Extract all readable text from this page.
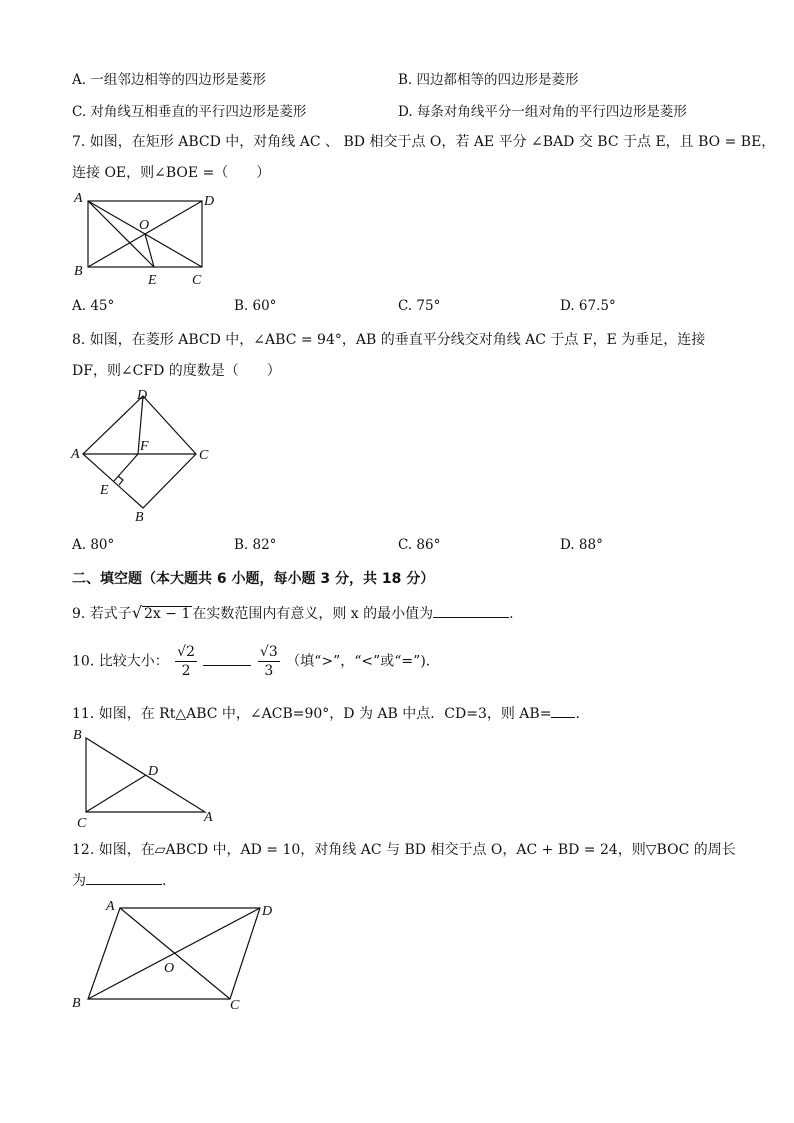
A. 一组邻边相等的四边形是菱形	B. 四边都相等的四边形是菱形
C. 对角线互相垂直的平行四边形是菱形	D. 每条对角线平分一组对角的平行四边形是菱形
7. 如图，在矩形 ABCD 中，对角线 AC 、 BD 相交于点 O，若 AE 平分 ∠BAD 交 BC 于点 E，且 BO = BE，
连接 OE，则∠BOE =（　　）
A	D
B
C
O
E
A. 45°	B. 60°	C. 75°	D. 67.5°
8. 如图，在菱形 ABCD 中，∠ABC = 94°，AB 的垂直平分线交对角线 AC 于点 F，E 为垂足，连接
DF，则∠CFD 的度数是（　　）
D
A	C
F
E
B
A. 80°	B. 82°	C. 86°	D. 88°
二、填空题（本大题共 6 小题，每小题 3 分，共 18 分）
9. 若式子√ 2x − 1 在实数范围内有意义，则 x 的最小值为	.
10. 比较大小： $\frac{√2}{2}$
	$\frac{√3}{3}$ （填“>”，“<”或“=”).
11. 如图，在 Rt△ABC 中，∠ACB=90°，D 为 AB 中点．CD=3，则 AB= .
B
D
C	A
12. 如图，在▱ABCD 中，AD = 10，对角线 AC 与 BD 相交于点 O，AC + BD = 24，则▽BOC 的周长
为	.
A	D
O
B	C
